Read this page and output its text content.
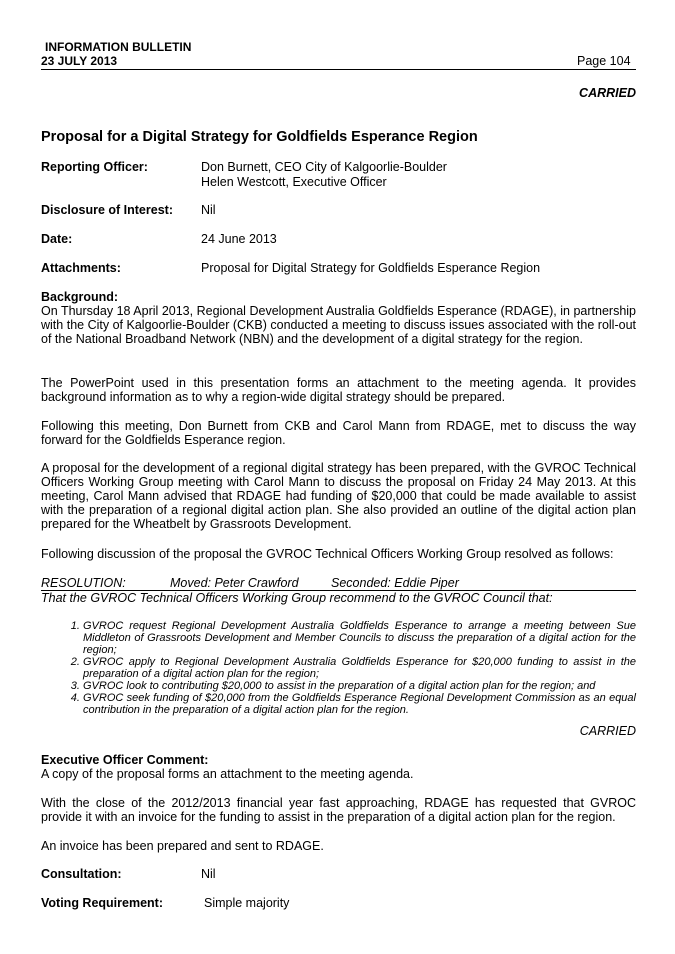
INFORMATION BULLETIN
23 JULY 2013	Page 104
CARRIED
Proposal for a Digital Strategy for Goldfields Esperance Region
Reporting Officer:	Don Burnett, CEO City of Kalgoorlie-Boulder
Helen Westcott, Executive Officer
Disclosure of Interest: Nil
Date:	24 June 2013
Attachments:	Proposal for Digital Strategy for Goldfields Esperance Region
Background:

On Thursday 18 April 2013, Regional Development Australia Goldfields Esperance (RDAGE), in partnership with the City of Kalgoorlie-Boulder (CKB) conducted a meeting to discuss issues associated with the roll-out of the National Broadband Network (NBN) and the development of a digital strategy for the region.

The PowerPoint used in this presentation forms an attachment to the meeting agenda. It provides background information as to why a region-wide digital strategy should be prepared.

Following this meeting, Don Burnett from CKB and Carol Mann from RDAGE, met to discuss the way forward for the Goldfields Esperance region.

A proposal for the development of a regional digital strategy has been prepared, with the GVROC Technical Officers Working Group meeting with Carol Mann to discuss the proposal on Friday 24 May 2013. At this meeting, Carol Mann advised that RDAGE had funding of $20,000 that could be made available to assist with the preparation of a regional digital action plan. She also provided an outline of the digital action plan prepared for the Wheatbelt by Grassroots Development.

Following discussion of the proposal the GVROC Technical Officers Working Group resolved as follows:

RESOLUTION:	Moved: Peter Crawford	Seconded: Eddie Piper
That the GVROC Technical Officers Working Group recommend to the GVROC Council that:
1. GVROC request Regional Development Australia Goldfields Esperance to arrange a meeting between Sue Middleton of Grassroots Development and Member Councils to discuss the preparation of a digital action for the region;
2. GVROC apply to Regional Development Australia Goldfields Esperance for $20,000 funding to assist in the preparation of a digital action plan for the region;
3. GVROC look to contributing $20,000 to assist in the preparation of a digital action plan for the region; and
4. GVROC seek funding of $20,000 from the Goldfields Esperance Regional Development Commission as an equal contribution in the preparation of a digital action plan for the region.
CARRIED
Executive Officer Comment:

A copy of the proposal forms an attachment to the meeting agenda.

With the close of the 2012/2013 financial year fast approaching, RDAGE has requested that GVROC provide it with an invoice for the funding to assist in the preparation of a digital action plan for the region.

An invoice has been prepared and sent to RDAGE.

Consultation:	Nil
Voting Requirement:	Simple majority
